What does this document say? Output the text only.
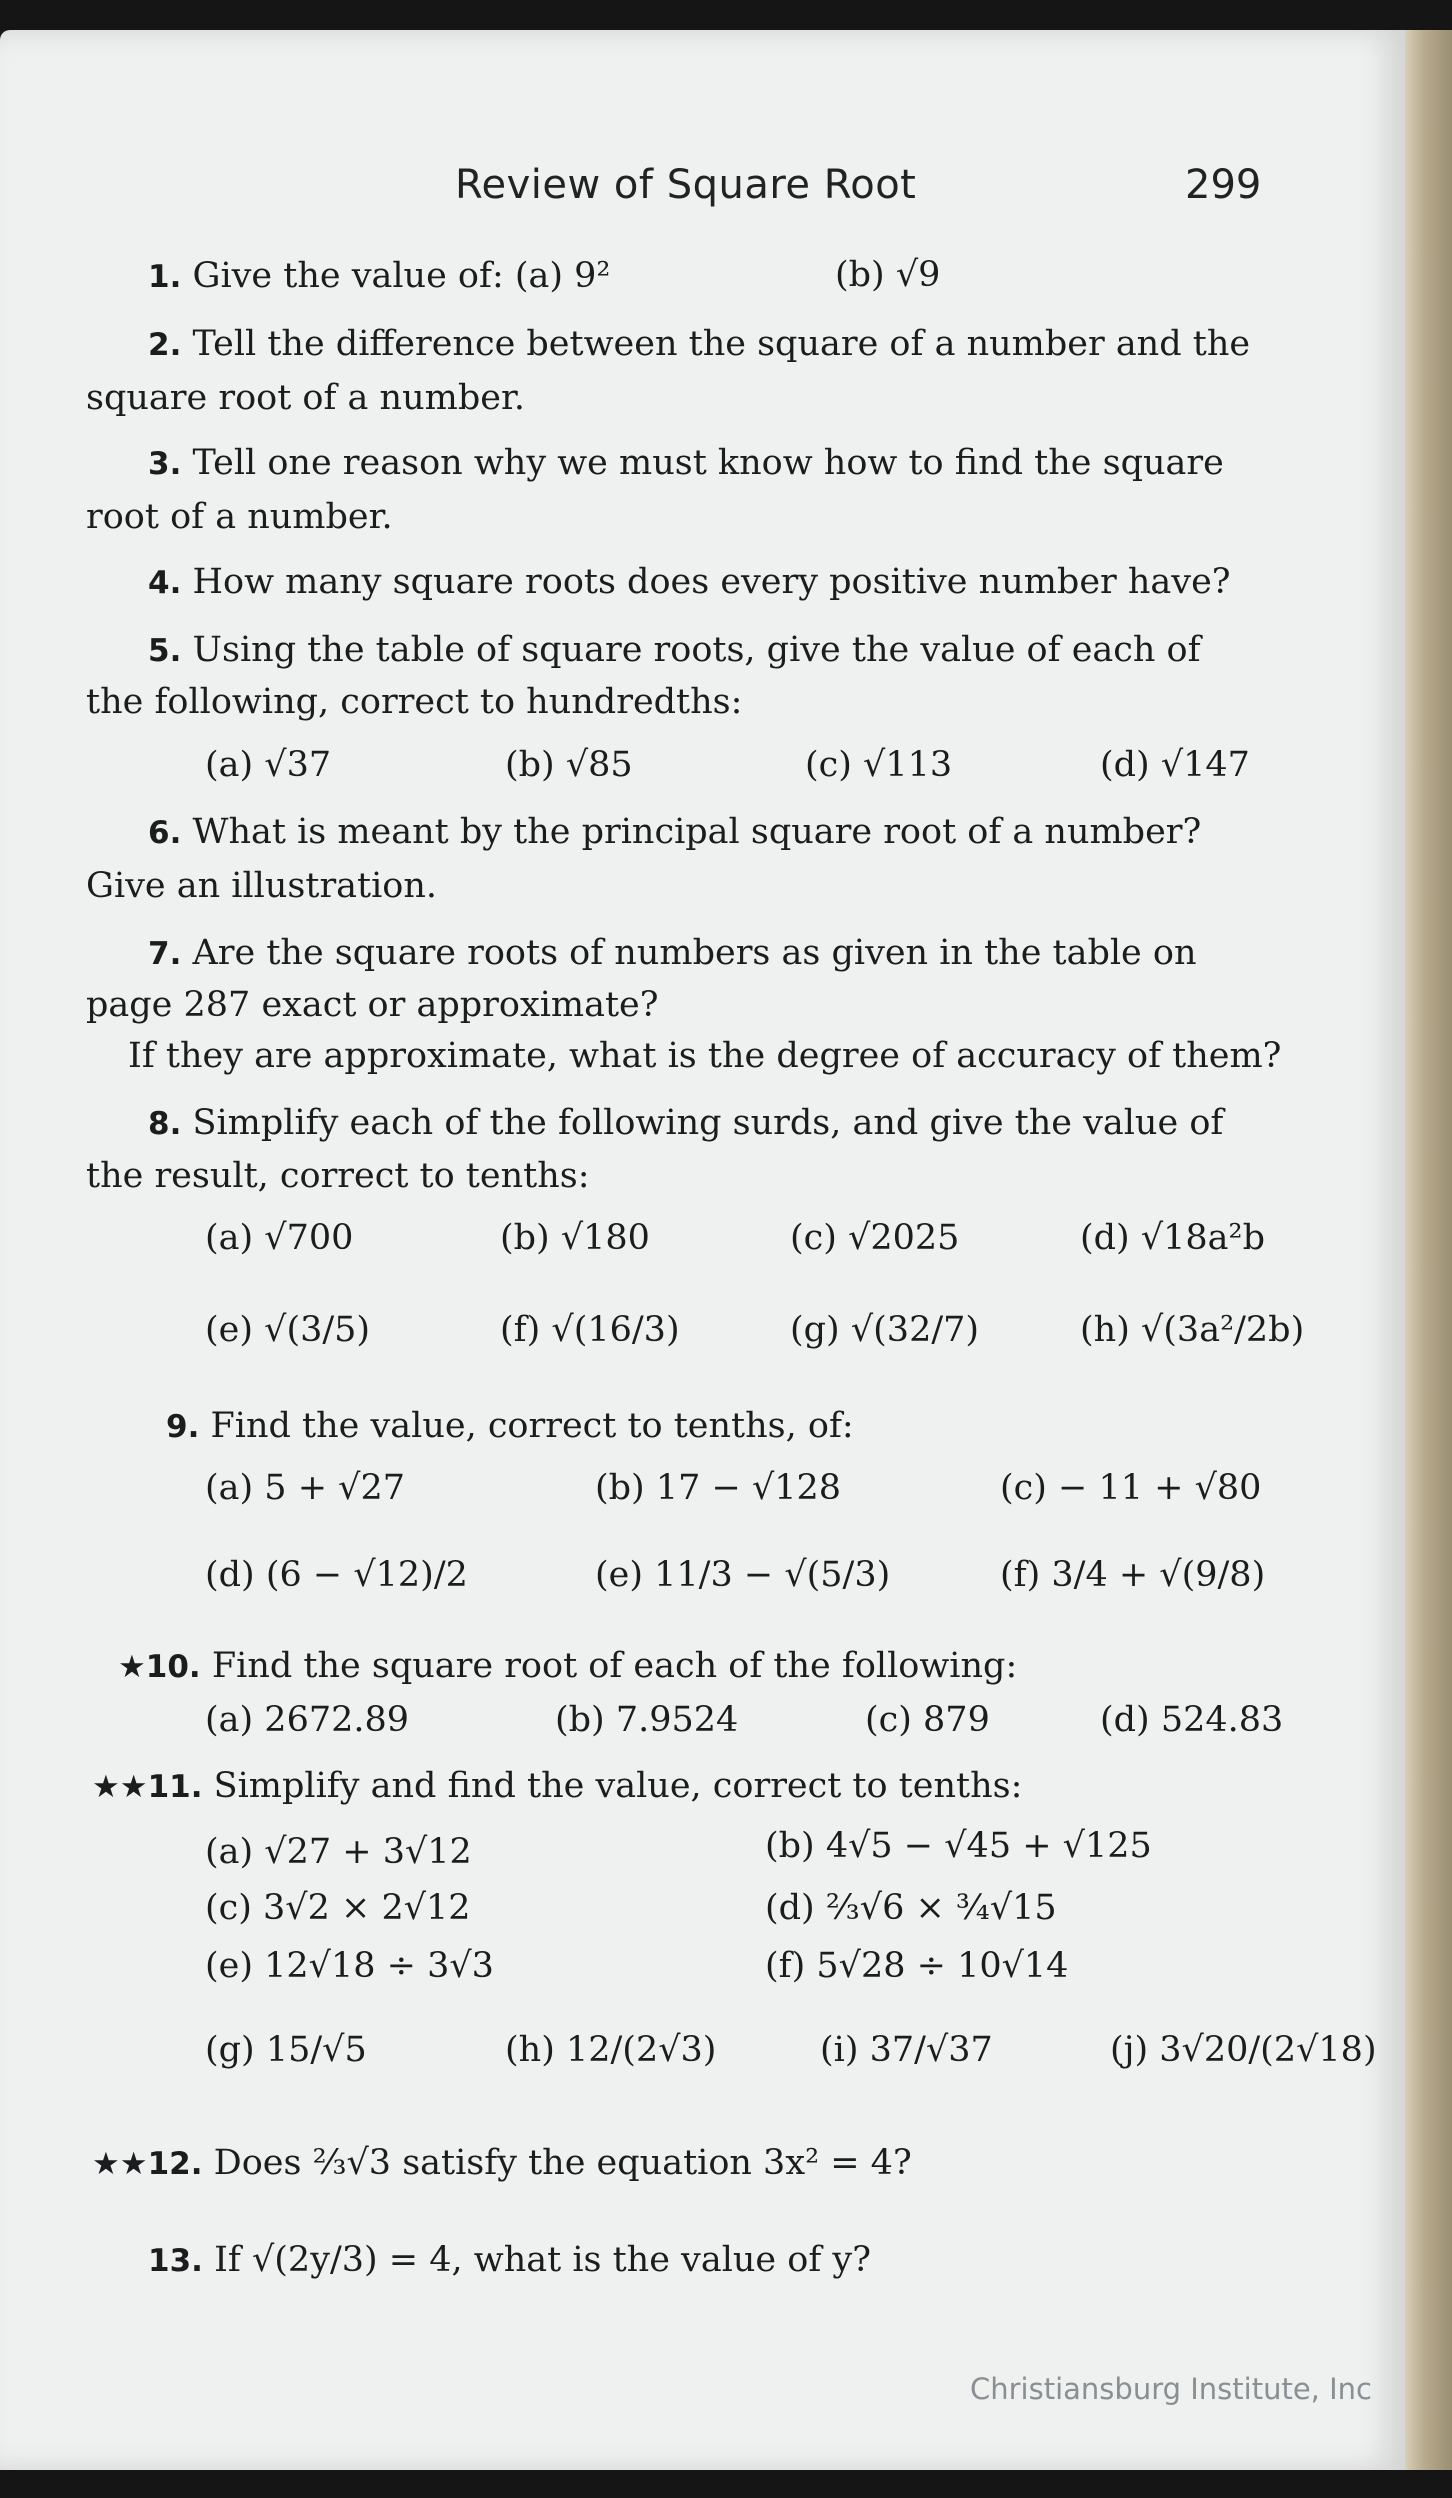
Review of Square Root	299
1. Give the value of: (a) 9²	(b) √9
2. Tell the difference between the square of a number and the
square root of a number.
3. Tell one reason why we must know how to find the square
root of a number.
4. How many square roots does every positive number have?
5. Using the table of square roots, give the value of each of
the following, correct to hundredths:
(a) √37	(b) √85	(c) √113	(d) √147
6. What is meant by the principal square root of a number?
Give an illustration.
7. Are the square roots of numbers as given in the table on
page 287 exact or approximate?
If they are approximate, what is the degree of accuracy of them?
8. Simplify each of the following surds, and give the value of
the result, correct to tenths:
(a) √700	(b) √180	(c) √2025	(d) √18a²b
(e) √(3/5)	(f) √(16/3)	(g) √(32/7)	(h) √(3a²/2b)
9. Find the value, correct to tenths, of:
(a) 5 + √27	(b) 17 − √128	(c) − 11 + √80
(d) (6 − √12)/2	(e) 11/3 − √(5/3)	(f) 3/4 + √(9/8)
★10. Find the square root of each of the following:
(a) 2672.89	(b) 7.9524	(c) 879	(d) 524.83
★★11. Simplify and find the value, correct to tenths:
(a) √27 + 3√12	(b) 4√5 − √45 + √125
(c) 3√2 × 2√12	(d) ⅔√6 × ¾√15
(e) 12√18 ÷ 3√3	(f) 5√28 ÷ 10√14
(g) 15/√5	(h) 12/(2√3)	(i) 37/√37	(j) 3√20/(2√18)
★★12. Does ⅔√3 satisfy the equation 3x² = 4?
13. If √(2y/3) = 4, what is the value of y?
Christiansburg Institute, Inc
